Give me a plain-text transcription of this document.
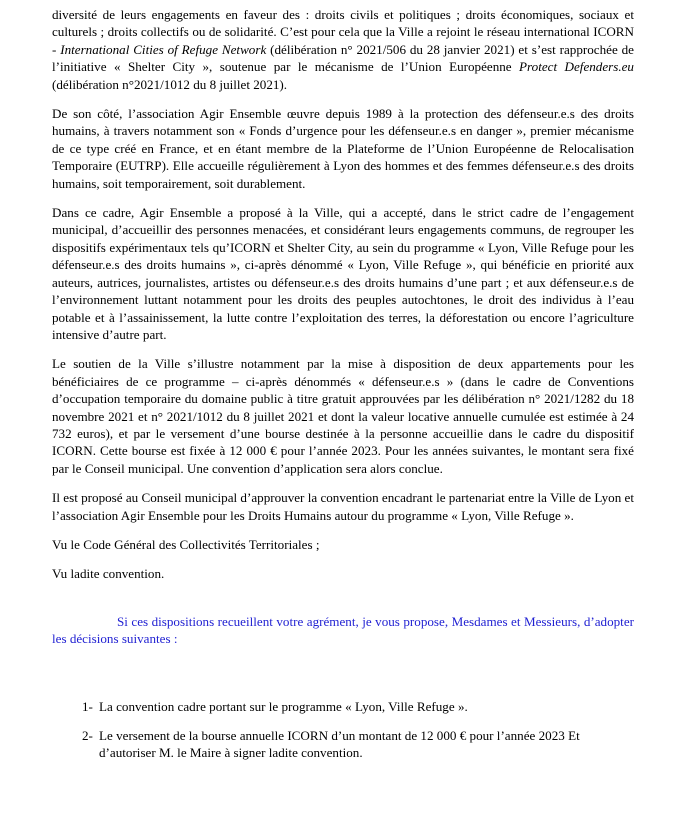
diversité de leurs engagements en faveur des : droits civils et politiques ; droits économiques, sociaux et culturels ; droits collectifs ou de solidarité. C’est pour cela que la Ville a rejoint le réseau international ICORN - International Cities of Refuge Network (délibération n° 2021/506 du 28 janvier 2021) et s’est rapprochée de l’initiative « Shelter City », soutenue par le mécanisme de l’Union Européenne Protect Defenders.eu (délibération n°2021/1012 du 8 juillet 2021).

De son côté, l’association Agir Ensemble œuvre depuis 1989 à la protection des défenseur.e.s des droits humains, à travers notamment son « Fonds d’urgence pour les défenseur.e.s en danger », premier mécanisme de ce type créé en France, et en étant membre de la Plateforme de l’Union Européenne de Relocalisation Temporaire (EUTRP). Elle accueille régulièrement à Lyon des hommes et des femmes défenseur.e.s des droits humains, soit temporairement, soit durablement.

Dans ce cadre, Agir Ensemble a proposé à la Ville, qui a accepté, dans le strict cadre de l’engagement municipal, d’accueillir des personnes menacées, et considérant leurs engagements communs, de regrouper les dispositifs expérimentaux tels qu’ICORN et Shelter City, au sein du programme « Lyon, Ville Refuge pour les défenseur.e.s des droits humains », ci-après dénommé « Lyon, Ville Refuge », qui bénéficie en priorité aux auteurs, autrices, journalistes, artistes ou défenseur.e.s des droits humains d’une part ; et aux défenseur.e.s de l’environnement luttant notamment pour les droits des peuples autochtones, le droit des individus à l’eau potable et à l’assainissement, la lutte contre l’exploitation des terres, la déforestation ou encore l’agriculture intensive d’autre part.

Le soutien de la Ville s’illustre notamment par la mise à disposition de deux appartements pour les bénéficiaires de ce programme – ci-après dénommés « défenseur.e.s » (dans le cadre de Conventions d’occupation temporaire du domaine public à titre gratuit approuvées par les délibération n° 2021/1282 du 18 novembre 2021 et n° 2021/1012 du 8 juillet 2021 et dont la valeur locative annuelle cumulée est estimée à 24 732 euros), et par le versement d’une bourse destinée à la personne accueillie dans le cadre du dispositif ICORN. Cette bourse est fixée à 12 000 € pour l’année 2023. Pour les années suivantes, le montant sera fixé par le Conseil municipal. Une convention d’application sera alors conclue.

Il est proposé au Conseil municipal d’approuver la convention encadrant le partenariat entre la Ville de Lyon et l’association Agir Ensemble pour les Droits Humains autour du programme « Lyon, Ville Refuge ».

Vu le Code Général des Collectivités Territoriales ;

Vu ladite convention.

Si ces dispositions recueillent votre agrément, je vous propose, Mesdames et Messieurs, d’adopter les décisions suivantes :

1- La convention cadre portant sur le programme « Lyon, Ville Refuge ».
2- Le versement de la bourse annuelle ICORN d’un montant de 12 000 € pour l’année 2023 Et d’autoriser M. le Maire à signer ladite convention.
